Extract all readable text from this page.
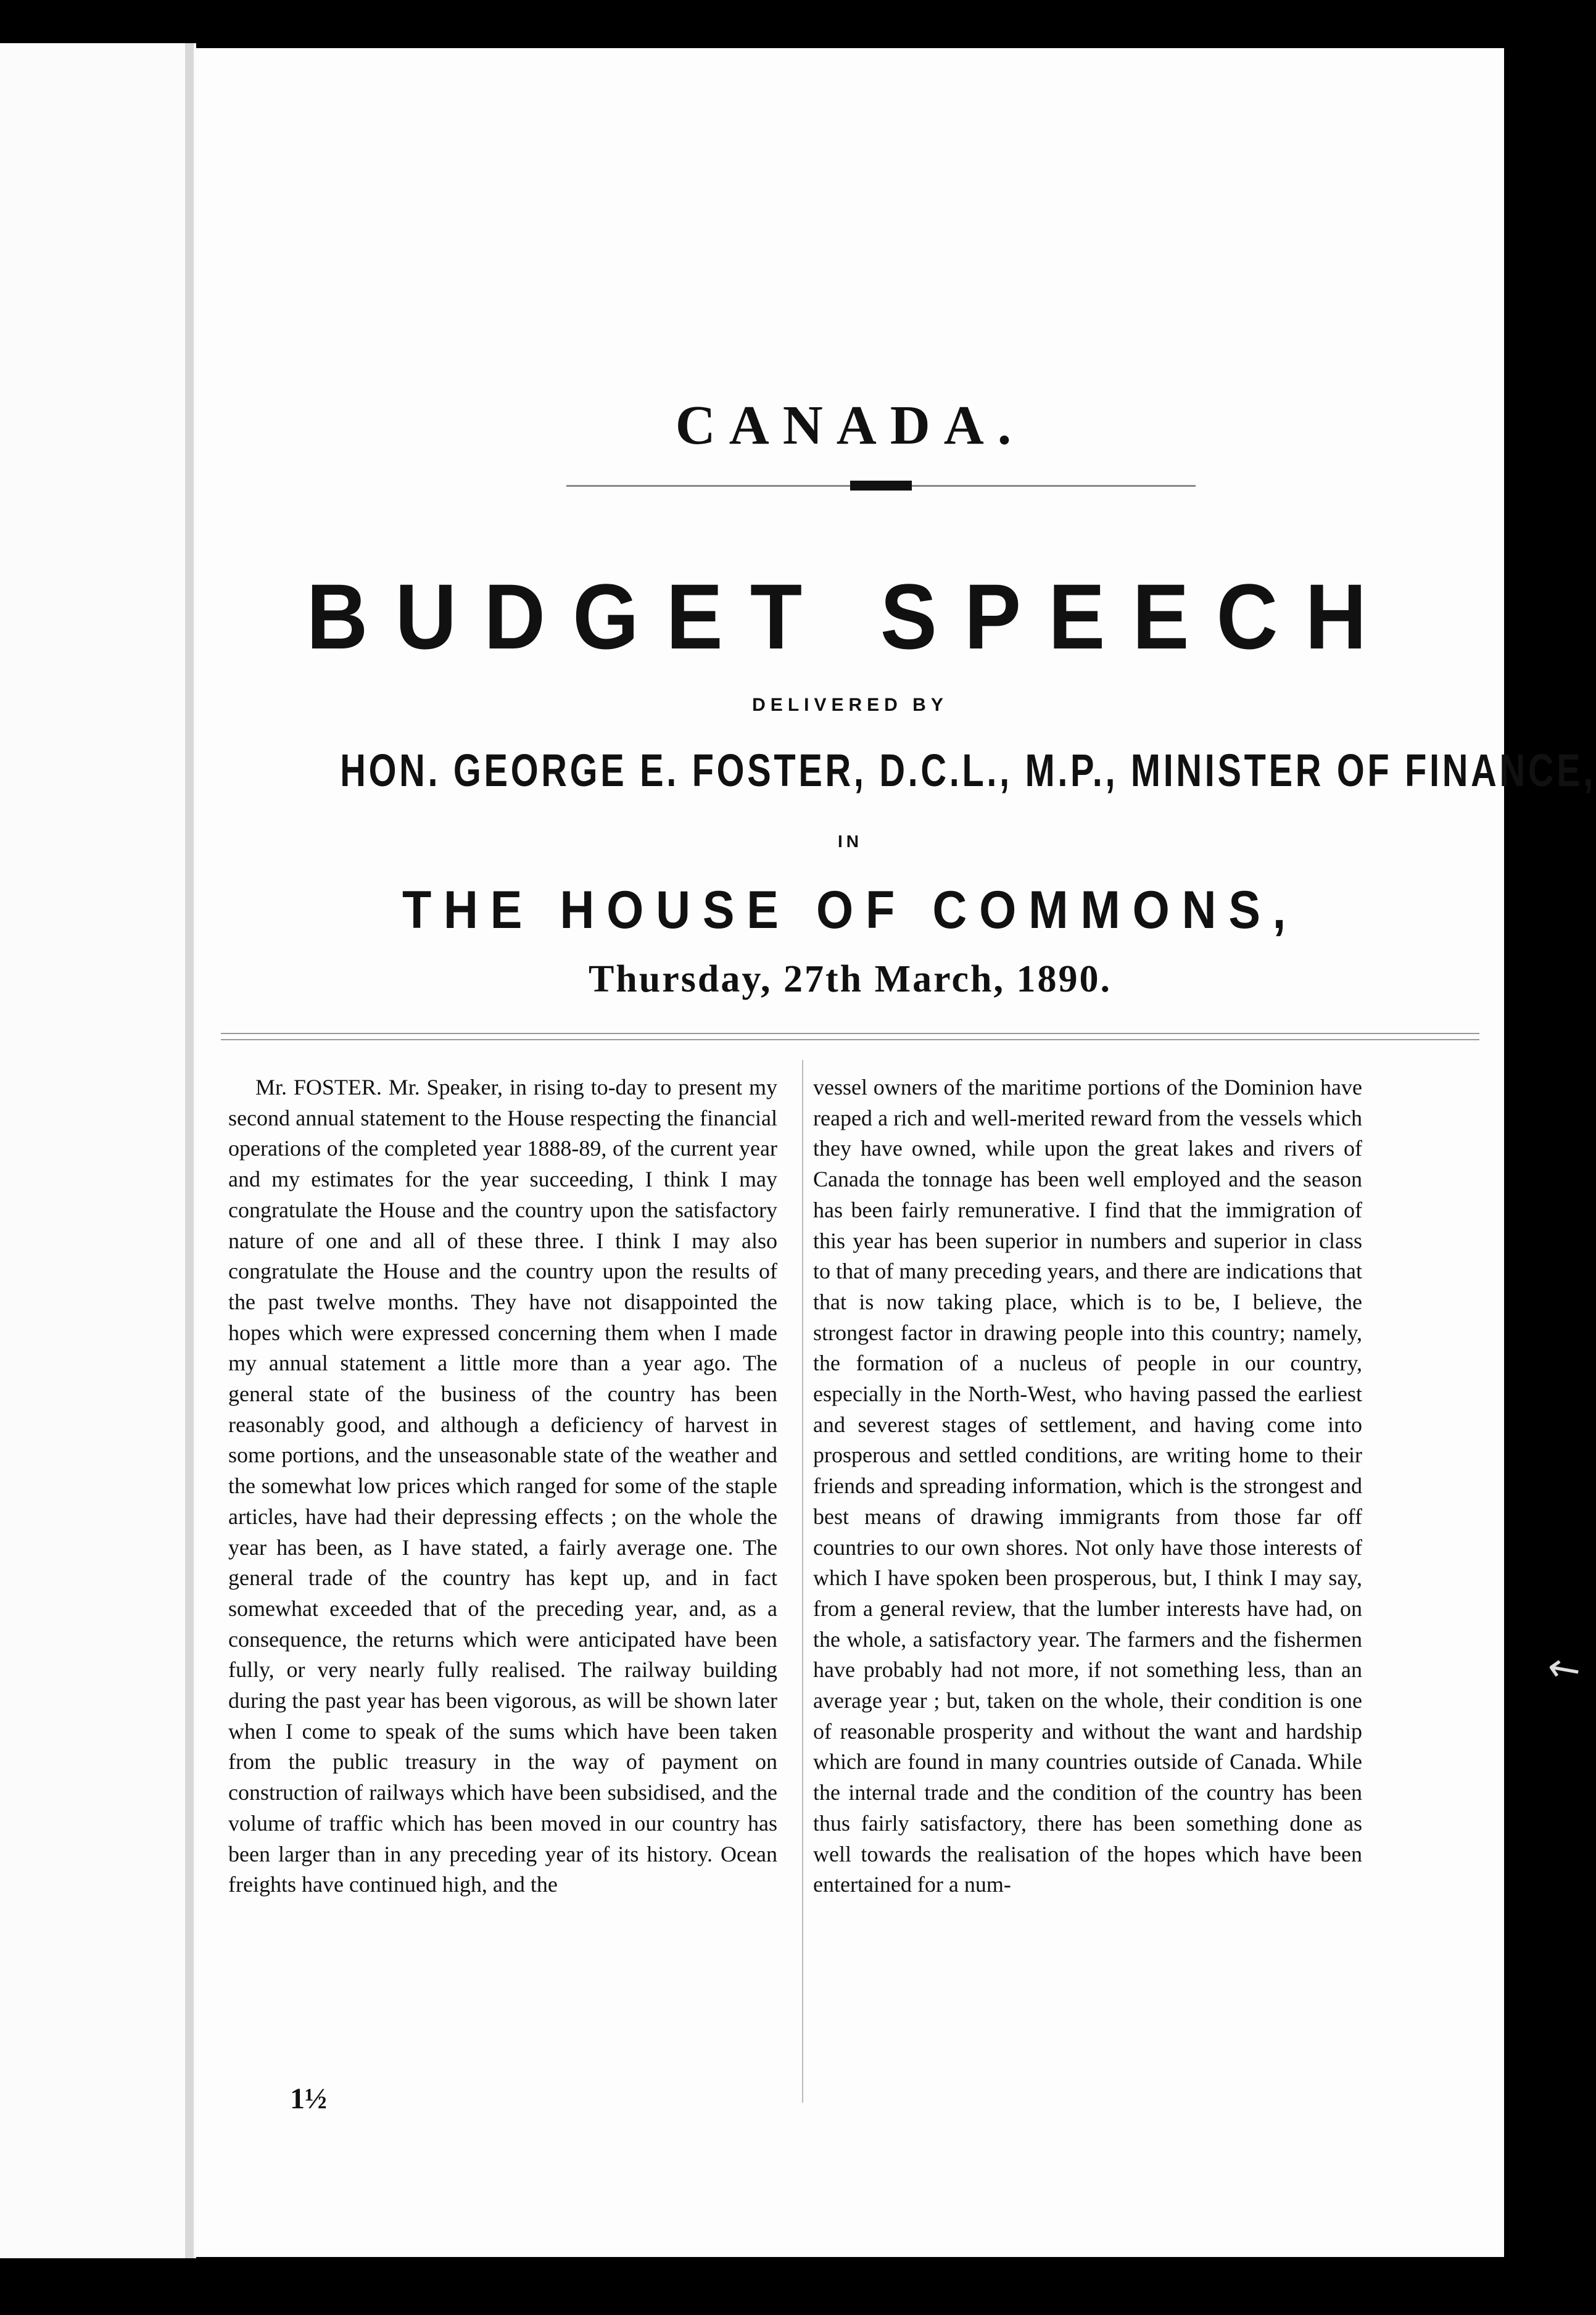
↖
CANADA.
BUDGET SPEECH
DELIVERED BY
HON. GEORGE E. FOSTER, D.C.L., M.P., MINISTER OF FINANCE,
IN
THE HOUSE OF COMMONS,
Thursday, 27th March, 1890.

Mr. FOSTER. Mr. Speaker, in rising to-day to present my second annual statement to the House respecting the financial operations of the completed year 1888-89, of the current year and my estimates for the year succeeding, I think I may congratulate the House and the country upon the satisfactory nature of one and all of these three. I think I may also congratulate the House and the country upon the results of the past twelve months. They have not disappointed the hopes which were expressed concerning them when I made my annual statement a little more than a year ago. The general state of the business of the country has been reasonably good, and although a deficiency of harvest in some portions, and the unseasonable state of the weather and the somewhat low prices which ranged for some of the staple articles, have had their depressing effects ; on the whole the year has been, as I have stated, a fairly average one. The general trade of the country has kept up, and in fact somewhat exceeded that of the preceding year, and, as a consequence, the returns which were anticipated have been fully, or very nearly fully realised. The railway building during the past year has been vigorous, as will be shown later when I come to speak of the sums which have been taken from the public treasury in the way of payment on construction of railways which have been subsidised, and the volume of traffic which has been moved in our country has been larger than in any preceding year of its history. Ocean freights have continued high, and the

vessel owners of the maritime portions of the Dominion have reaped a rich and well-merited reward from the vessels which they have owned, while upon the great lakes and rivers of Canada the tonnage has been well employed and the season has been fairly remunerative. I find that the immigration of this year has been superior in numbers and superior in class to that of many preceding years, and there are indications that that is now taking place, which is to be, I believe, the strongest factor in drawing people into this country; namely, the formation of a nucleus of people in our country, especially in the North-West, who having passed the earliest and severest stages of settlement, and having come into prosperous and settled conditions, are writing home to their friends and spreading information, which is the strongest and best means of drawing immigrants from those far off countries to our own shores. Not only have those interests of which I have spoken been prosperous, but, I think I may say, from a general review, that the lumber interests have had, on the whole, a satisfactory year. The farmers and the fishermen have probably had not more, if not something less, than an average year ; but, taken on the whole, their condition is one of reasonable prosperity and without the want and hardship which are found in many countries outside of Canada. While the internal trade and the condition of the country has been thus fairly satisfactory, there has been something done as well towards the realisation of the hopes which have been entertained for a num-

1½
